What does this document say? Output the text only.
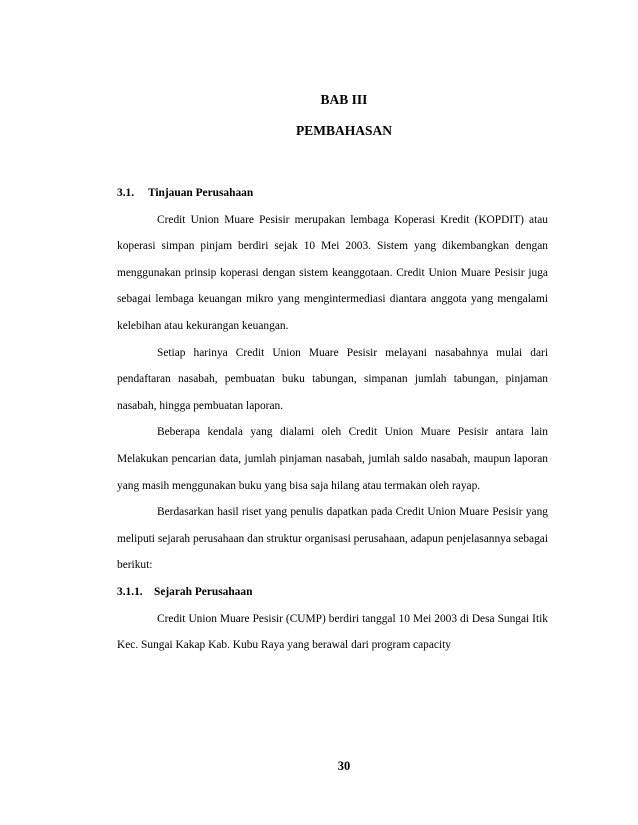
BAB III
PEMBAHASAN

3.1. Tinjauan Perusahaan

Credit Union Muare Pesisir merupakan lembaga Koperasi Kredit (KOPDIT) atau koperasi simpan pinjam berdiri sejak 10 Mei 2003. Sistem yang dikembangkan dengan menggunakan prinsip koperasi dengan sistem keanggotaan. Credit Union Muare Pesisir juga sebagai lembaga keuangan mikro yang mengintermediasi diantara anggota yang mengalami kelebihan atau kekurangan keuangan.

Setiap harinya Credit Union Muare Pesisir melayani nasabahnya mulai dari pendaftaran nasabah, pembuatan buku tabungan, simpanan jumlah tabungan, pinjaman nasabah, hingga pembuatan laporan.

Beberapa kendala yang dialami oleh Credit Union Muare Pesisir antara lain Melakukan pencarian data, jumlah pinjaman nasabah, jumlah saldo nasabah, maupun laporan yang masih menggunakan buku yang bisa saja hilang atau termakan oleh rayap.

Berdasarkan hasil riset yang penulis dapatkan pada Credit Union Muare Pesisir yang meliputi sejarah perusahaan dan struktur organisasi perusahaan, adapun penjelasannya sebagai berikut:

3.1.1. Sejarah Perusahaan

Credit Union Muare Pesisir (CUMP) berdiri tanggal 10 Mei 2003 di Desa Sungai Itik Kec. Sungai Kakap Kab. Kubu Raya yang berawal dari program capacity

30
